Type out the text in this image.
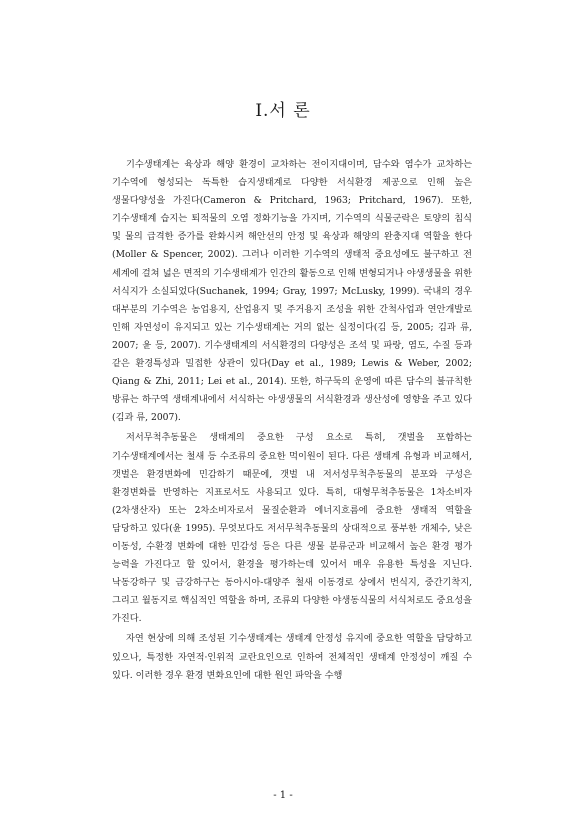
Ⅰ.서 론

기수생태계는 육상과 해양 환경이 교차하는 전이지대이며, 담수와 염수가 교차하는 기수역에 형성되는 독특한 습지생태계로 다양한 서식환경 제공으로 인해 높은 생물다양성을 가진다(Cameron & Pritchard, 1963; Pritchard, 1967). 또한, 기수생태계 습지는 퇴적물의 오염 정화기능을 가지며, 기수역의 식물군락은 토양의 침식 및 물의 급격한 증가를 완화시켜 해안선의 안정 및 육상과 해양의 완충지대 역할을 한다(Moller & Spencer, 2002). 그러나 이러한 기수역의 생태적 중요성에도 불구하고 전 세계에 걸쳐 넓은 면적의 기수생태계가 인간의 활동으로 인해 변형되거나 야생생물을 위한 서식지가 소실되었다(Suchanek, 1994; Gray, 1997; McLusky, 1999). 국내의 경우 대부분의 기수역은 농업용지, 산업용지 및 주거용지 조성을 위한 간척사업과 연안개발로 인해 자연성이 유지되고 있는 기수생태계는 거의 없는 실정이다(김 등, 2005; 김과 류, 2007; 윤 등, 2007). 기수생태계의 서식환경의 다양성은 조석 및 파랑, 염도, 수질 등과 같은 환경특성과 밀접한 상관이 있다(Day et al., 1989; Lewis & Weber, 2002; Qiang & Zhi, 2011; Lei et al., 2014). 또한, 하구둑의 운영에 따른 담수의 불규칙한 방류는 하구역 생태계내에서 서식하는 야생생물의 서식환경과 생산성에 영향을 주고 있다(김과 류, 2007).

저서무척추동물은 생태계의 중요한 구성 요소로 특히, 갯벌을 포함하는 기수생태계에서는 철새 등 수조류의 중요한 먹이원이 된다. 다른 생태계 유형과 비교해서, 갯벌은 환경변화에 민감하기 때문에, 갯벌 내 저서성무척추동물의 분포와 구성은 환경변화를 반영하는 지표로서도 사용되고 있다. 특히, 대형무척추동물은 1차소비자(2차생산자) 또는 2차소비자로서 물질순환과 에너지흐름에 중요한 생태적 역할을 담당하고 있다(윤 1995). 무엇보다도 저서무척추동물의 상대적으로 풍부한 개체수, 낮은 이동성, 수환경 변화에 대한 민감성 등은 다른 생물 분류군과 비교해서 높은 환경 평가 능력을 가진다고 할 있어서, 환경을 평가하는데 있어서 매우 유용한 특성을 지닌다. 낙동강하구 및 금강하구는 동아시아-대양주 철새 이동경로 상에서 번식지, 중간기착지, 그리고 월동지로 핵심적인 역할을 하며, 조류외 다양한 야생동식물의 서식처로도 중요성을 가진다.

자연 현상에 의해 조성된 기수생태계는 생태계 안정성 유지에 중요한 역할을 담당하고 있으나, 특정한 자연적·인위적 교란요인으로 인하여 전체적인 생태계 안정성이 깨질 수 있다. 이러한 경우 환경 변화요인에 대한 원인 파악을 수행

- 1 -
